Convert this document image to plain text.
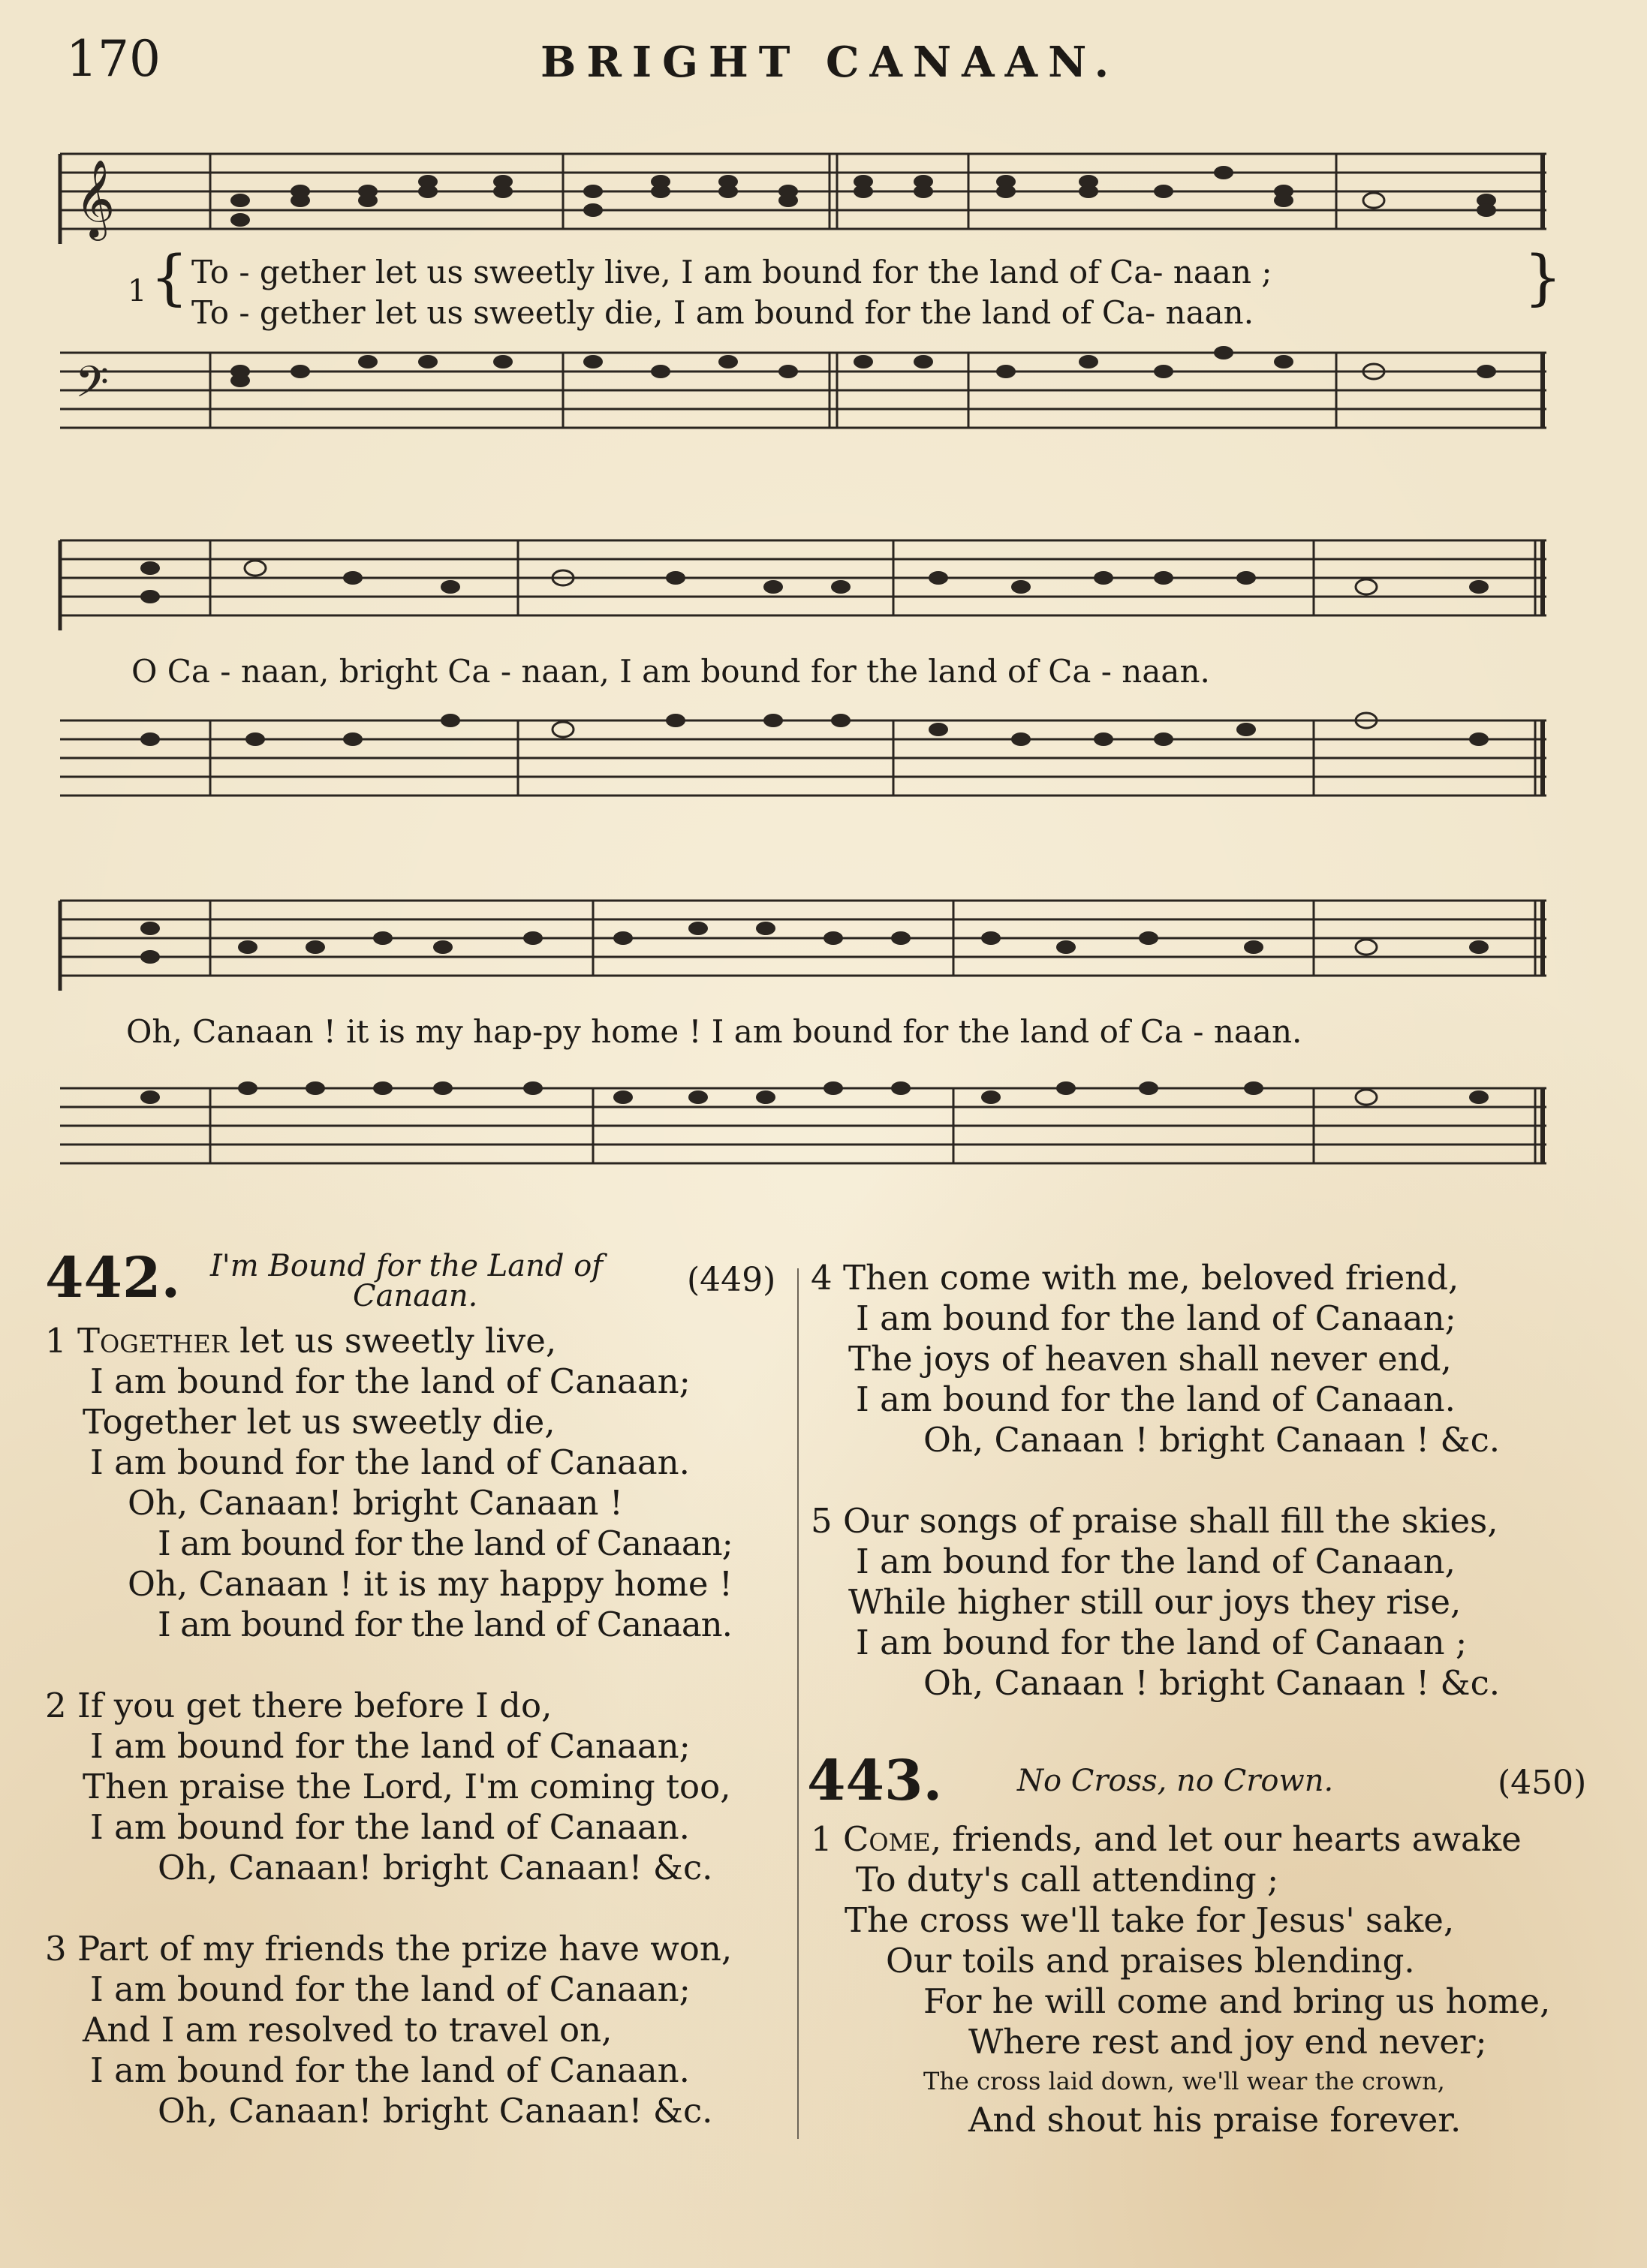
170	BRIGHT CANAAN.
𝄞
1 { To - gether let us sweetly live, I am bound for the land of Ca- naan ;
To - gether let us sweetly die, I am bound for the land of Ca- naan.
}
𝄢
O Ca - naan, bright Ca - naan, I am bound for the land of Ca - naan.
Oh, Canaan ! it is my hap-py home ! I am bound for the land of Ca - naan.
442. I'm Bound for the Land of
Canaan.	(449)
1 Together let us sweetly live,
I am bound for the land of Canaan;
Together let us sweetly die,
I am bound for the land of Canaan.
Oh, Canaan! bright Canaan !
I am bound for the land of Canaan;
Oh, Canaan ! it is my happy home !
I am bound for the land of Canaan.
2 If you get there before I do,
I am bound for the land of Canaan;
Then praise the Lord, I'm coming too,
I am bound for the land of Canaan.
Oh, Canaan! bright Canaan! &c.
3 Part of my friends the prize have won,
I am bound for the land of Canaan;
And I am resolved to travel on,
I am bound for the land of Canaan.
Oh, Canaan! bright Canaan! &c.
4 Then come with me, beloved friend,
I am bound for the land of Canaan;
The joys of heaven shall never end,
I am bound for the land of Canaan.
Oh, Canaan ! bright Canaan ! &c.
5 Our songs of praise shall fill the skies,
I am bound for the land of Canaan,
While higher still our joys they rise,
I am bound for the land of Canaan ;
Oh, Canaan ! bright Canaan ! &c.
443. No Cross, no Crown.	(450)
1 Come, friends, and let our hearts awake
To duty's call attending ;
The cross we'll take for Jesus' sake,
Our toils and praises blending.
For he will come and bring us home,
Where rest and joy end never;
The cross laid down, we'll wear the crown,
And shout his praise forever.
